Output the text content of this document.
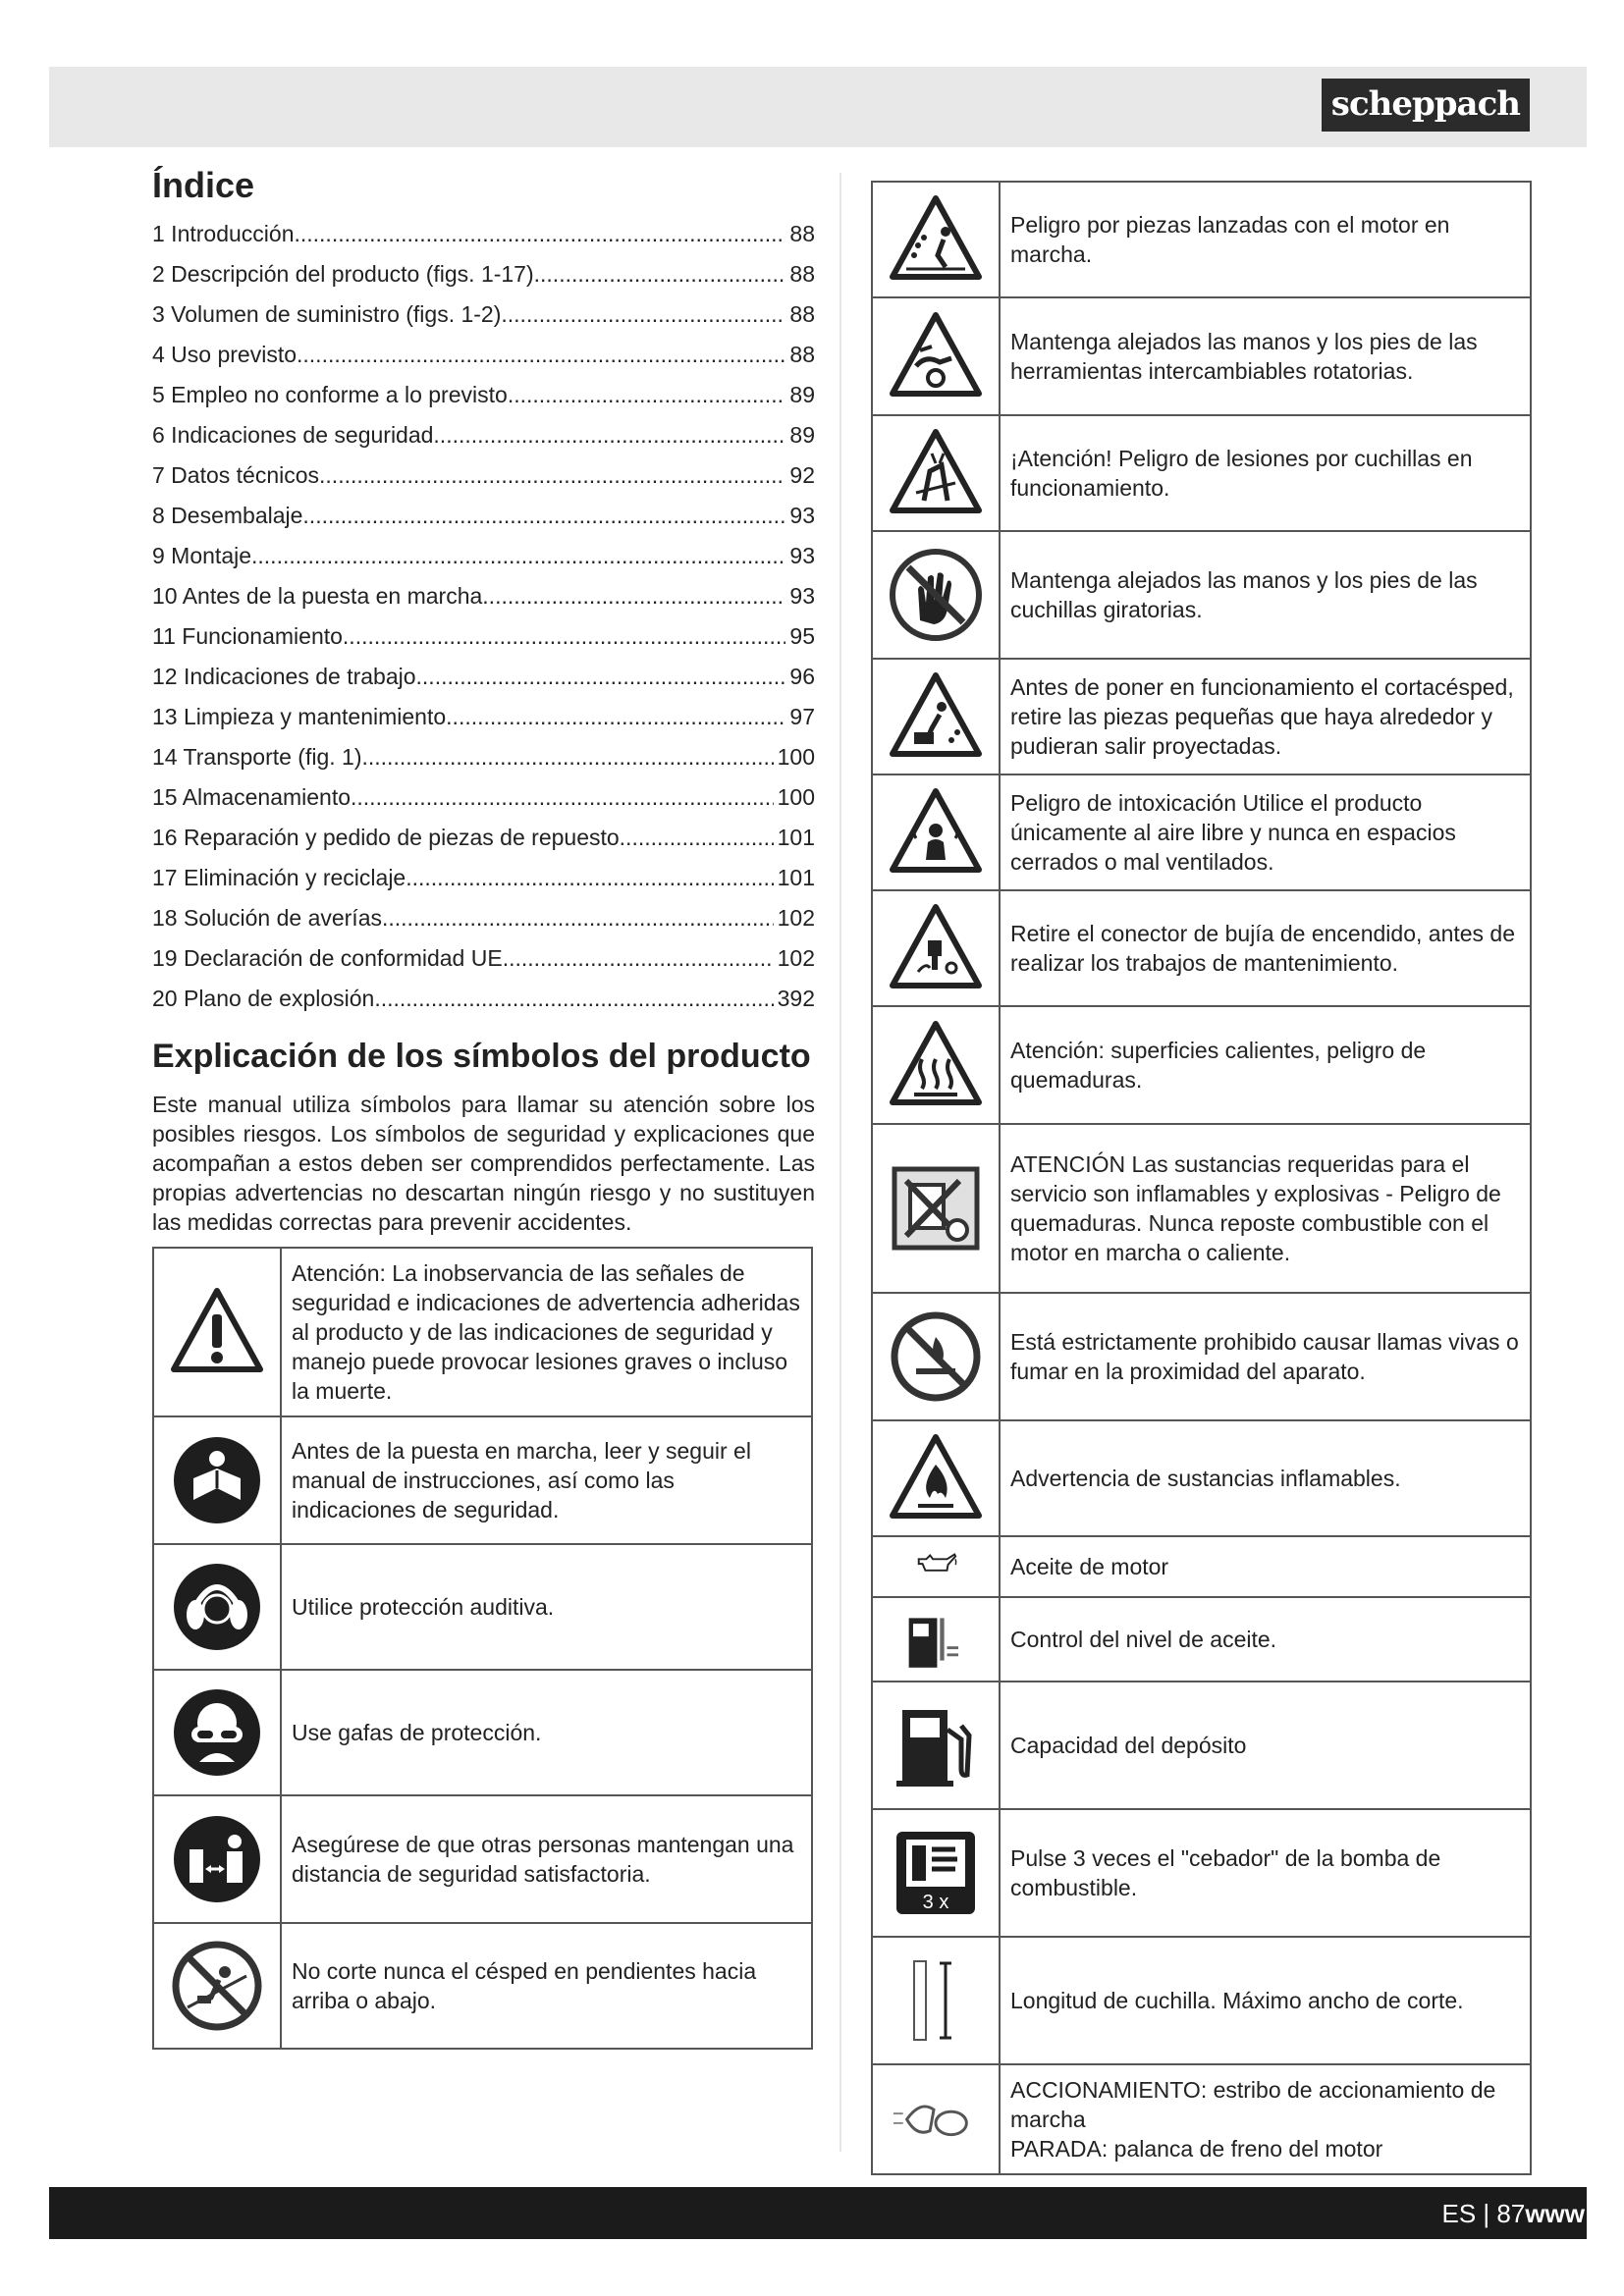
scheppach
Índice
1 Introducción .....	88
2 Descripción del producto (figs. 1-17) .....	88
3 Volumen de suministro (figs. 1-2) .....	88
4 Uso previsto .....	88
5 Empleo no conforme a lo previsto .....	89
6 Indicaciones de seguridad .....	89
7 Datos técnicos .....	92
8 Desembalaje .....	93
9 Montaje .....	93
10 Antes de la puesta en marcha .....	93
11 Funcionamiento .....	95
12 Indicaciones de trabajo .....	96
13 Limpieza y mantenimiento .....	97
14 Transporte (fig. 1) .....	100
15 Almacenamiento .....	100
16 Reparación y pedido de piezas de repuesto .....	101
17 Eliminación y reciclaje .....	101
18 Solución de averías .....	102
19 Declaración de conformidad UE .....	102
20 Plano de explosión .....	392
Explicación de los símbolos del producto

Este manual utiliza símbolos para llamar su atención sobre los posibles riesgos. Los símbolos de seguridad y explicaciones que acompañan a estos deben ser comprendidos perfectamente. Las propias advertencias no descartan ningún riesgo y no sustituyen las medidas correctas para prevenir accidentes.

	Atención: La inobservancia de las señales de seguridad e indicaciones de advertencia adheridas al producto y de las indicaciones de seguridad y manejo puede provocar lesiones graves o incluso la muerte.

	Antes de la puesta en marcha, leer y seguir el manual de instrucciones, así como las indicaciones de seguridad.

	Utilice protección auditiva.

	Use gafas de protección.

	Asegúrese de que otras personas mantengan una distancia de seguridad satisfactoria.

	No corte nunca el césped en pendientes hacia arriba o abajo.
	Peligro por piezas lanzadas con el motor en marcha.

	Mantenga alejados las manos y los pies de las herramientas intercambiables rotatorias.

	¡Atención! Peligro de lesiones por cuchillas en funcionamiento.

	Mantenga alejados las manos y los pies de las cuchillas giratorias.

	Antes de poner en funcionamiento el cortacésped, retire las piezas pequeñas que haya alrededor y pudieran salir proyectadas.

	Peligro de intoxicación Utilice el producto únicamente al aire libre y nunca en espacios cerrados o mal ventilados.

	Retire el conector de bujía de encendido, antes de realizar los trabajos de mantenimiento.

	Atención: superficies calientes, peligro de quemaduras.

	ATENCIÓN Las sustancias requeridas para el servicio son inflamables y explosivas - Peligro de quemaduras. Nunca reposte combustible con el motor en marcha o caliente.

	Está estrictamente prohibido causar llamas vivas o fumar en la proximidad del aparato.

	Advertencia de sustancias inflamables.

	Aceite de motor

	Control del nivel de aceite.

	Capacidad del depósito

3 x	Pulse 3 veces el "cebador" de la bomba de combustible.

	Longitud de cuchilla. Máximo ancho de corte.

	ACCIONAMIENTO: estribo de accionamiento de marcha
PARADA: palanca de freno del motor
ES | 87www
